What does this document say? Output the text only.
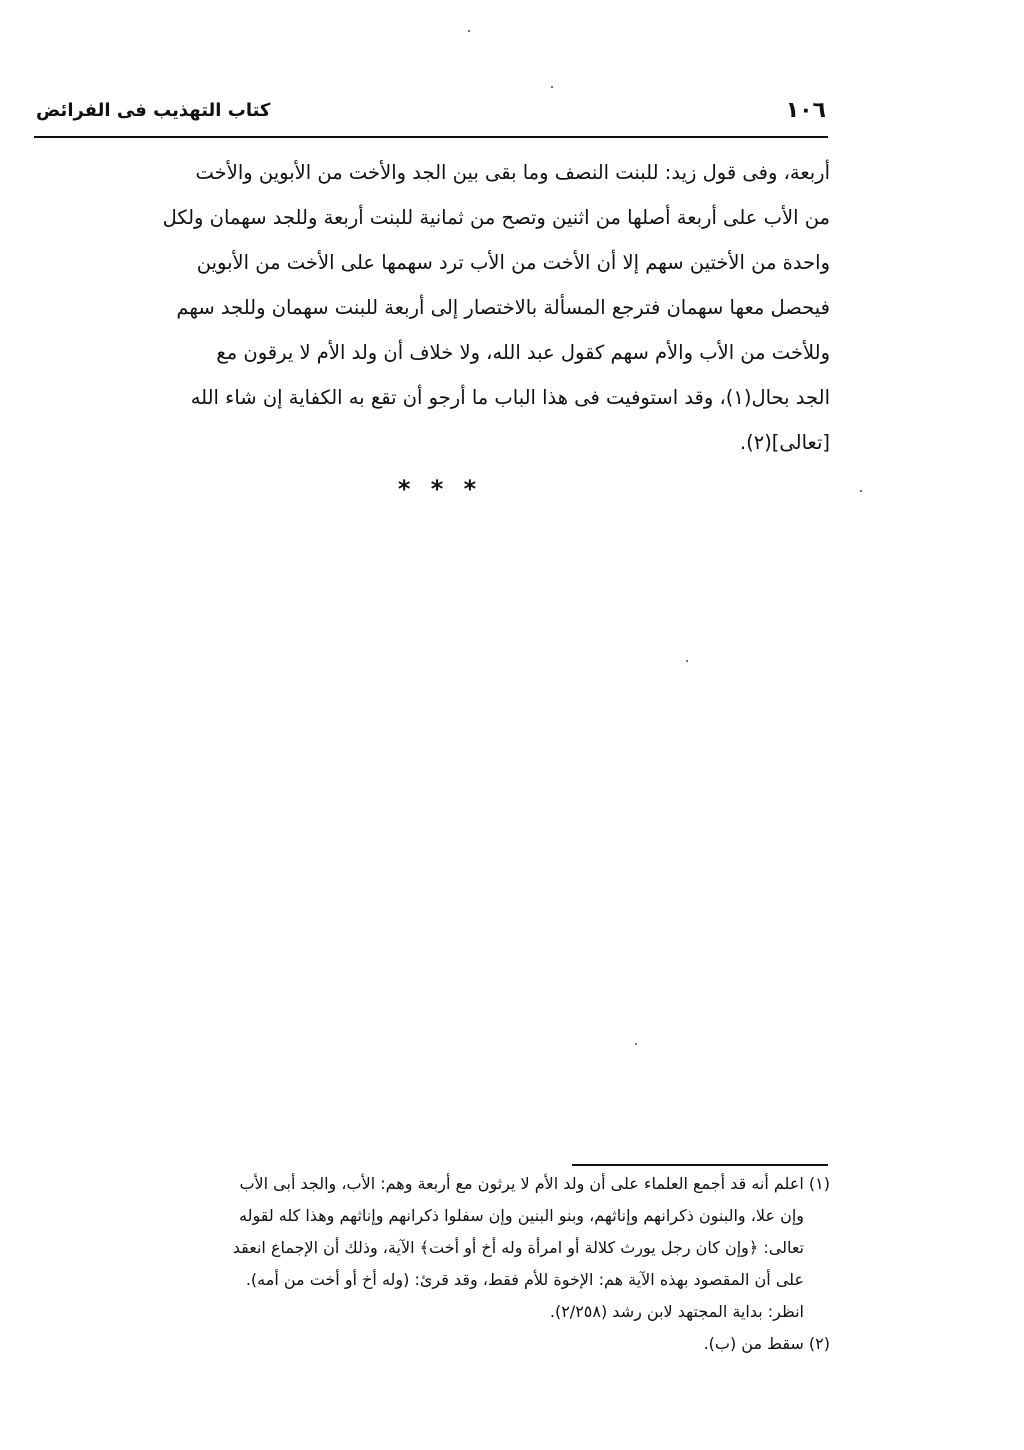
١٠٦
كتاب التهذيب فى الفرائض
أربعة، وفى قول زيد: للبنت النصف وما بقى بين الجد والأخت من الأبوين والأخت
من الأب على أربعة أصلها من اثنين وتصح من ثمانية للبنت أربعة وللجد سهمان ولكل
واحدة من الأختين سهم إلا أن الأخت من الأب ترد سهمها على الأخت من الأبوين
فيحصل معها سهمان فترجع المسألة بالاختصار إلى أربعة للبنت سهمان وللجد سهم
وللأخت من الأب والأم سهم كقول عبد الله، ولا خلاف أن ولد الأم لا يرقون مع
الجد بحال(١)، وقد استوفيت فى هذا الباب ما أرجو أن تقع به الكفاية إن شاء الله
[تعالى](٢).
* * *
(١) اعلم أنه قد أجمع العلماء على أن ولد الأم لا يرثون مع أربعة وهم: الأب، والجد أبى الأب
وإن علا، والبنون ذكرانهم وإناثهم، وبنو البنين وإن سفلوا ذكرانهم وإناثهم وهذا كله لقوله
تعالى: ﴿وإن كان رجل يورث كلالة أو امرأة وله أخ أو أخت﴾ الآية، وذلك أن الإجماع انعقد
على أن المقصود بهذه الآية هم: الإخوة للأم فقط، وقد قرئ: (وله أخ أو أخت من أمه).
انظر: بداية المجتهد لابن رشد (٢/٢٥٨).
(٢) سقط من (ب).
